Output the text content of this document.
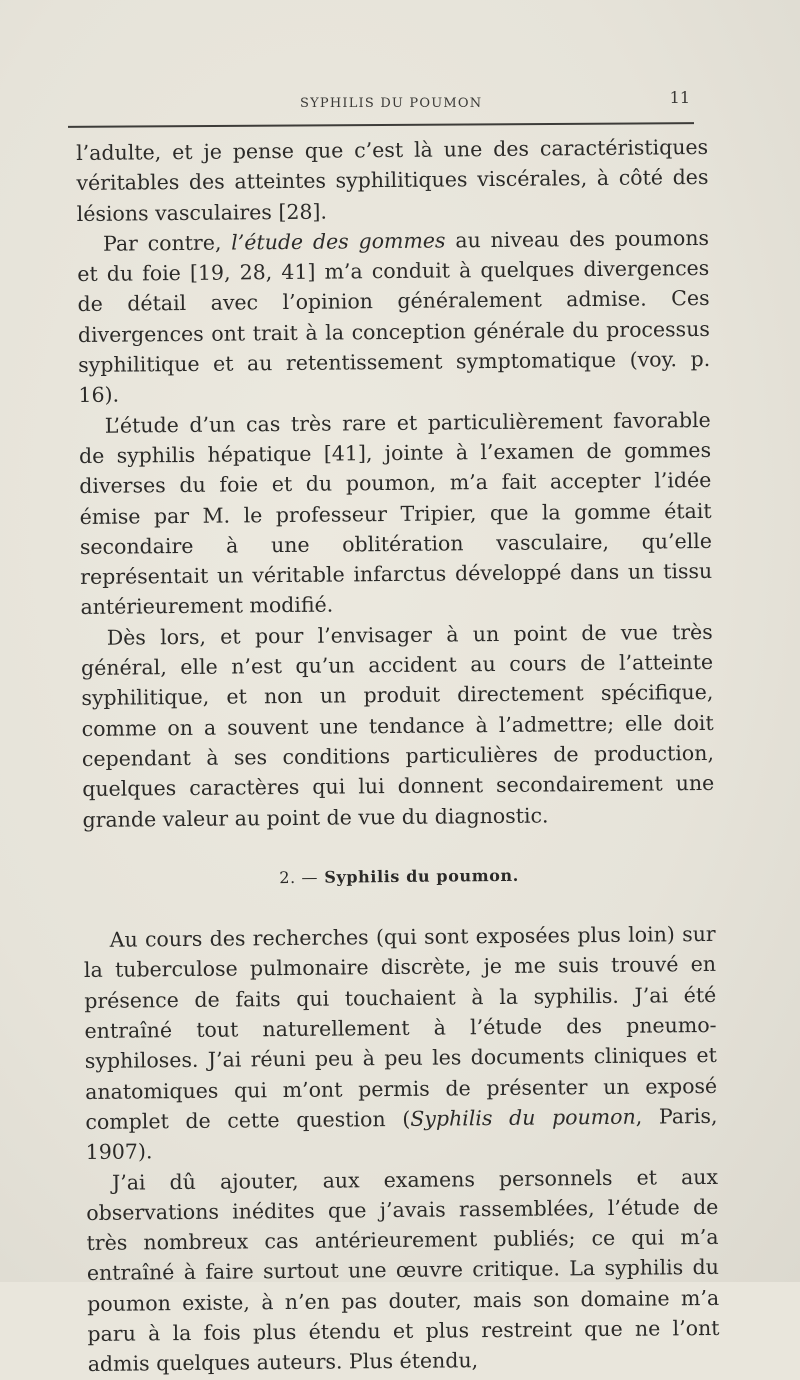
SYPHILIS DU POUMON	11

l’adulte, et je pense que c’est là une des caractéristiques véritables des atteintes syphilitiques viscérales, à côté des lésions vasculaires [28].

Par contre, l’étude des gommes au niveau des poumons et du foie [19, 28, 41] m’a conduit à quelques divergences de détail avec l’opinion généralement admise. Ces divergences ont trait à la conception générale du processus syphilitique et au retentissement symptomatique (voy. p. 16).

L’étude d’un cas très rare et particulièrement favorable de syphilis hépatique [41], jointe à l’examen de gommes diverses du foie et du poumon, m’a fait accepter l’idée émise par M. le professeur Tripier, que la gomme était secondaire à une oblitération vasculaire, qu’elle représentait un véritable infarctus développé dans un tissu antérieurement modifié.

Dès lors, et pour l’envisager à un point de vue très général, elle n’est qu’un accident au cours de l’atteinte syphilitique, et non un produit directement spécifique, comme on a souvent une tendance à l’admettre; elle doit cependant à ses conditions particulières de production, quelques caractères qui lui donnent secondairement une grande valeur au point de vue du diagnostic.

2. — Syphilis du poumon.

Au cours des recherches (qui sont exposées plus loin) sur la tuberculose pulmonaire discrète, je me suis trouvé en présence de faits qui touchaient à la syphilis. J’ai été entraîné tout naturellement à l’étude des pneumo-syphiloses. J’ai réuni peu à peu les documents cliniques et anatomiques qui m’ont permis de présenter un exposé complet de cette question (Syphilis du poumon, Paris, 1907).

J’ai dû ajouter, aux examens personnels et aux observations inédites que j’avais rassemblées, l’étude de très nombreux cas antérieurement publiés; ce qui m’a entraîné à faire surtout une œuvre critique. La syphilis du poumon existe, à n’en pas douter, mais son domaine m’a paru à la fois plus étendu et plus restreint que ne l’ont admis quelques auteurs. Plus étendu,
